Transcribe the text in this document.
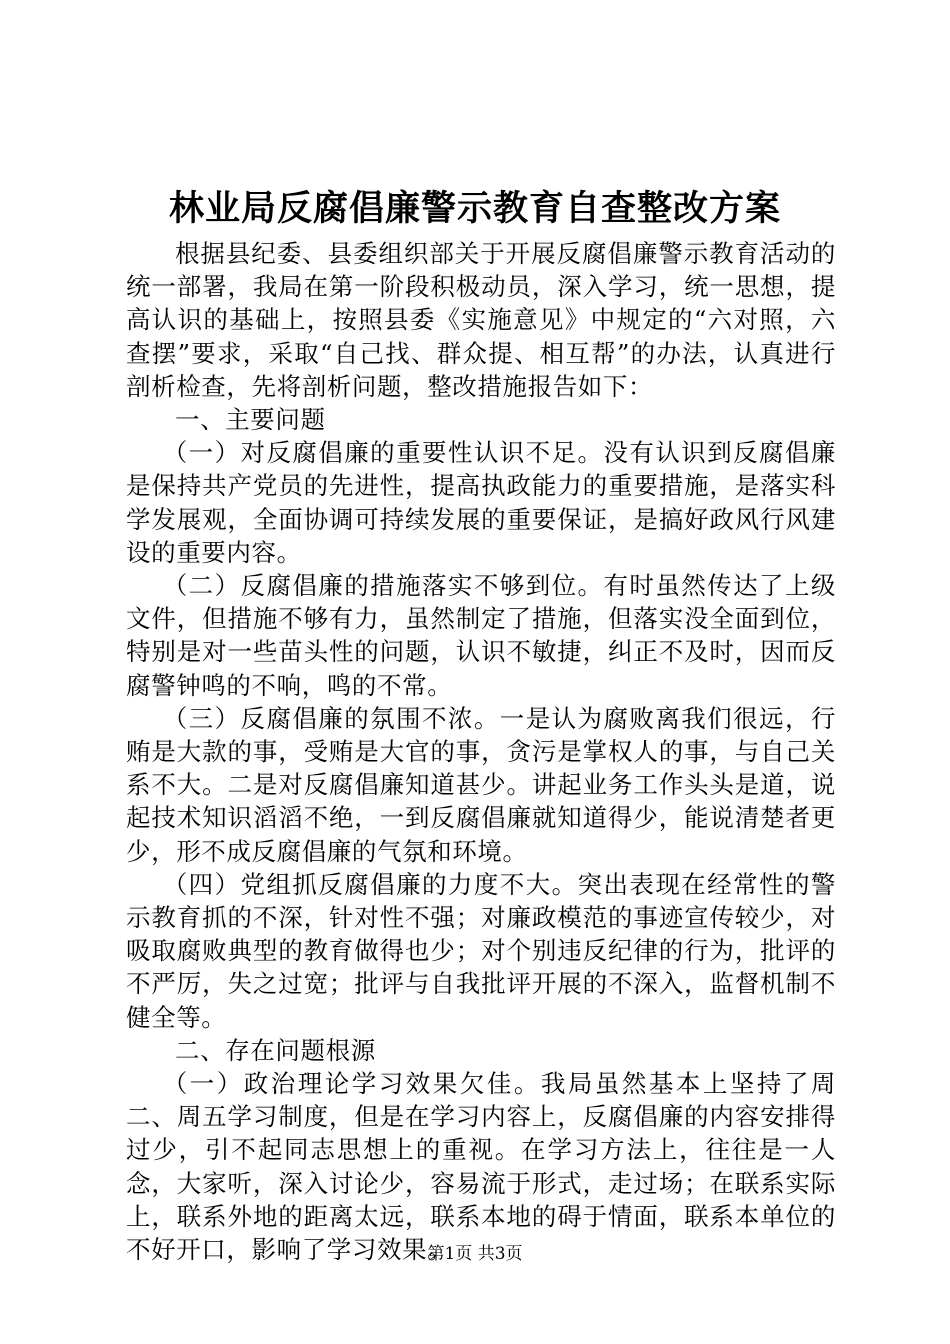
林业局反腐倡廉警示教育自查整改方案

根据县纪委、县委组织部关于开展反腐倡廉警示教育活动的统一部署，我局在第一阶段积极动员，深入学习，统一思想，提高认识的基础上，按照县委《实施意见》中规定的“六对照，六查摆”要求，采取“自己找、群众提、相互帮”的办法，认真进行剖析检查，先将剖析问题，整改措施报告如下：

一、主要问题

（一）对反腐倡廉的重要性认识不足。没有认识到反腐倡廉是保持共产党员的先进性，提高执政能力的重要措施，是落实科学发展观，全面协调可持续发展的重要保证，是搞好政风行风建设的重要内容。

（二）反腐倡廉的措施落实不够到位。有时虽然传达了上级文件，但措施不够有力，虽然制定了措施，但落实没全面到位，特别是对一些苗头性的问题，认识不敏捷，纠正不及时，因而反腐警钟鸣的不响，鸣的不常。

（三）反腐倡廉的氛围不浓。一是认为腐败离我们很远，行贿是大款的事，受贿是大官的事，贪污是掌权人的事，与自己关系不大。二是对反腐倡廉知道甚少。讲起业务工作头头是道，说起技术知识滔滔不绝，一到反腐倡廉就知道得少，能说清楚者更少，形不成反腐倡廉的气氛和环境。

（四）党组抓反腐倡廉的力度不大。突出表现在经常性的警示教育抓的不深，针对性不强；对廉政模范的事迹宣传较少，对吸取腐败典型的教育做得也少；对个别违反纪律的行为，批评的不严厉，失之过宽；批评与自我批评开展的不深入，监督机制不健全等。

二、存在问题根源

（一）政治理论学习效果欠佳。我局虽然基本上坚持了周二、周五学习制度，但是在学习内容上，反腐倡廉的内容安排得过少，引不起同志思想上的重视。在学习方法上，往往是一人念，大家听，深入讨论少，容易流于形式，走过场；在联系实际上，联系外地的距离太远，联系本地的碍于情面，联系本单位的不好开口，影响了学习效果。

第1页 共3页
